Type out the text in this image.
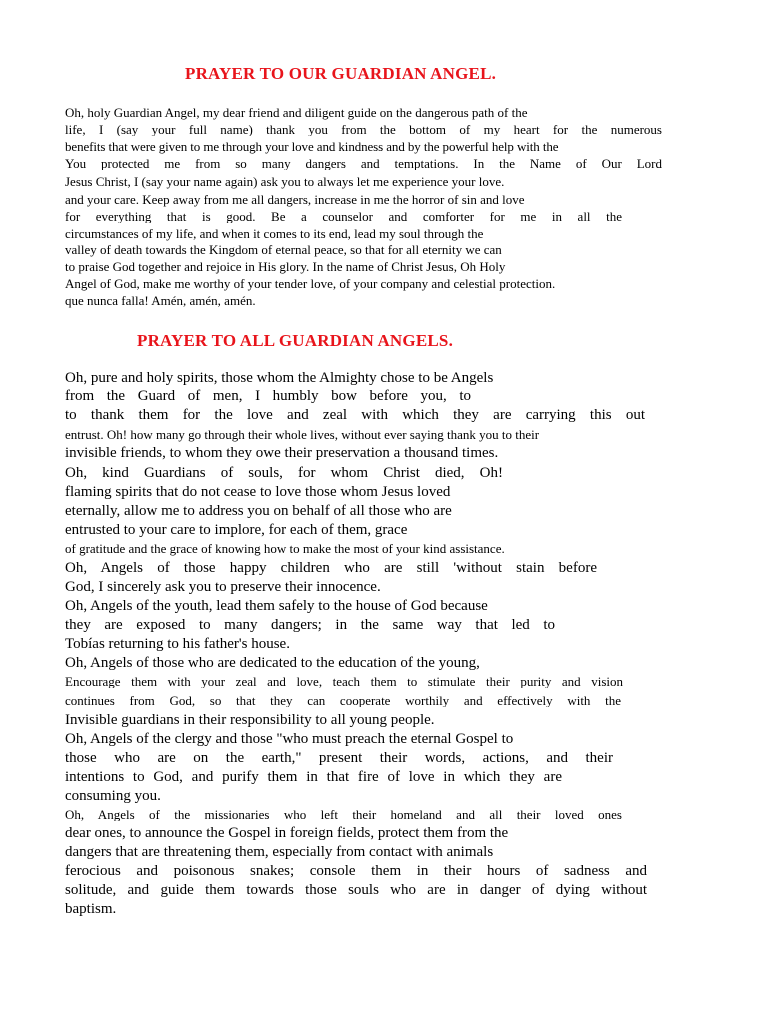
PRAYER TO OUR GUARDIAN ANGEL.
Oh, holy Guardian Angel, my dear friend and diligent guide on the dangerous path of the
life, I (say your full name) thank you from the bottom of my heart for the numerous
benefits that were given to me through your love and kindness and by the powerful help with the
You protected me from so many dangers and temptations. In the Name of Our Lord
Jesus Christ, I (say your name again) ask you to always let me experience your love.
and your care. Keep away from me all dangers, increase in me the horror of sin and love
for everything that is good. Be a counselor and comforter for me in all the
circumstances of my life, and when it comes to its end, lead my soul through the
valley of death towards the Kingdom of eternal peace, so that for all eternity we can
to praise God together and rejoice in His glory. In the name of Christ Jesus, Oh Holy
Angel of God, make me worthy of your tender love, of your company and celestial protection.
que nunca falla! Amén, amén, amén.
PRAYER TO ALL GUARDIAN ANGELS.
Oh, pure and holy spirits, those whom the Almighty chose to be Angels
from the Guard of men, I humbly bow before you, to
to thank them for the love and zeal with which they are carrying this out
entrust. Oh! how many go through their whole lives, without ever saying thank you to their
invisible friends, to whom they owe their preservation a thousand times.
Oh, kind Guardians of souls, for whom Christ died, Oh!
flaming spirits that do not cease to love those whom Jesus loved
eternally, allow me to address you on behalf of all those who are
entrusted to your care to implore, for each of them, grace
of gratitude and the grace of knowing how to make the most of your kind assistance.
Oh, Angels of those happy children who are still 'without stain before
God, I sincerely ask you to preserve their innocence.
Oh, Angels of the youth, lead them safely to the house of God because
they are exposed to many dangers; in the same way that led to
Tobías returning to his father's house.
Oh, Angels of those who are dedicated to the education of the young,
Encourage them with your zeal and love, teach them to stimulate their purity and vision
continues from God, so that they can cooperate worthily and effectively with the
Invisible guardians in their responsibility to all young people.
Oh, Angels of the clergy and those "who must preach the eternal Gospel to
those who are on the earth," present their words, actions, and their
intentions to God, and purify them in that fire of love in which they are
consuming you.
Oh, Angels of the missionaries who left their homeland and all their loved ones
dear ones, to announce the Gospel in foreign fields, protect them from the
dangers that are threatening them, especially from contact with animals
ferocious and poisonous snakes; console them in their hours of sadness and
solitude, and guide them towards those souls who are in danger of dying without
baptism.
